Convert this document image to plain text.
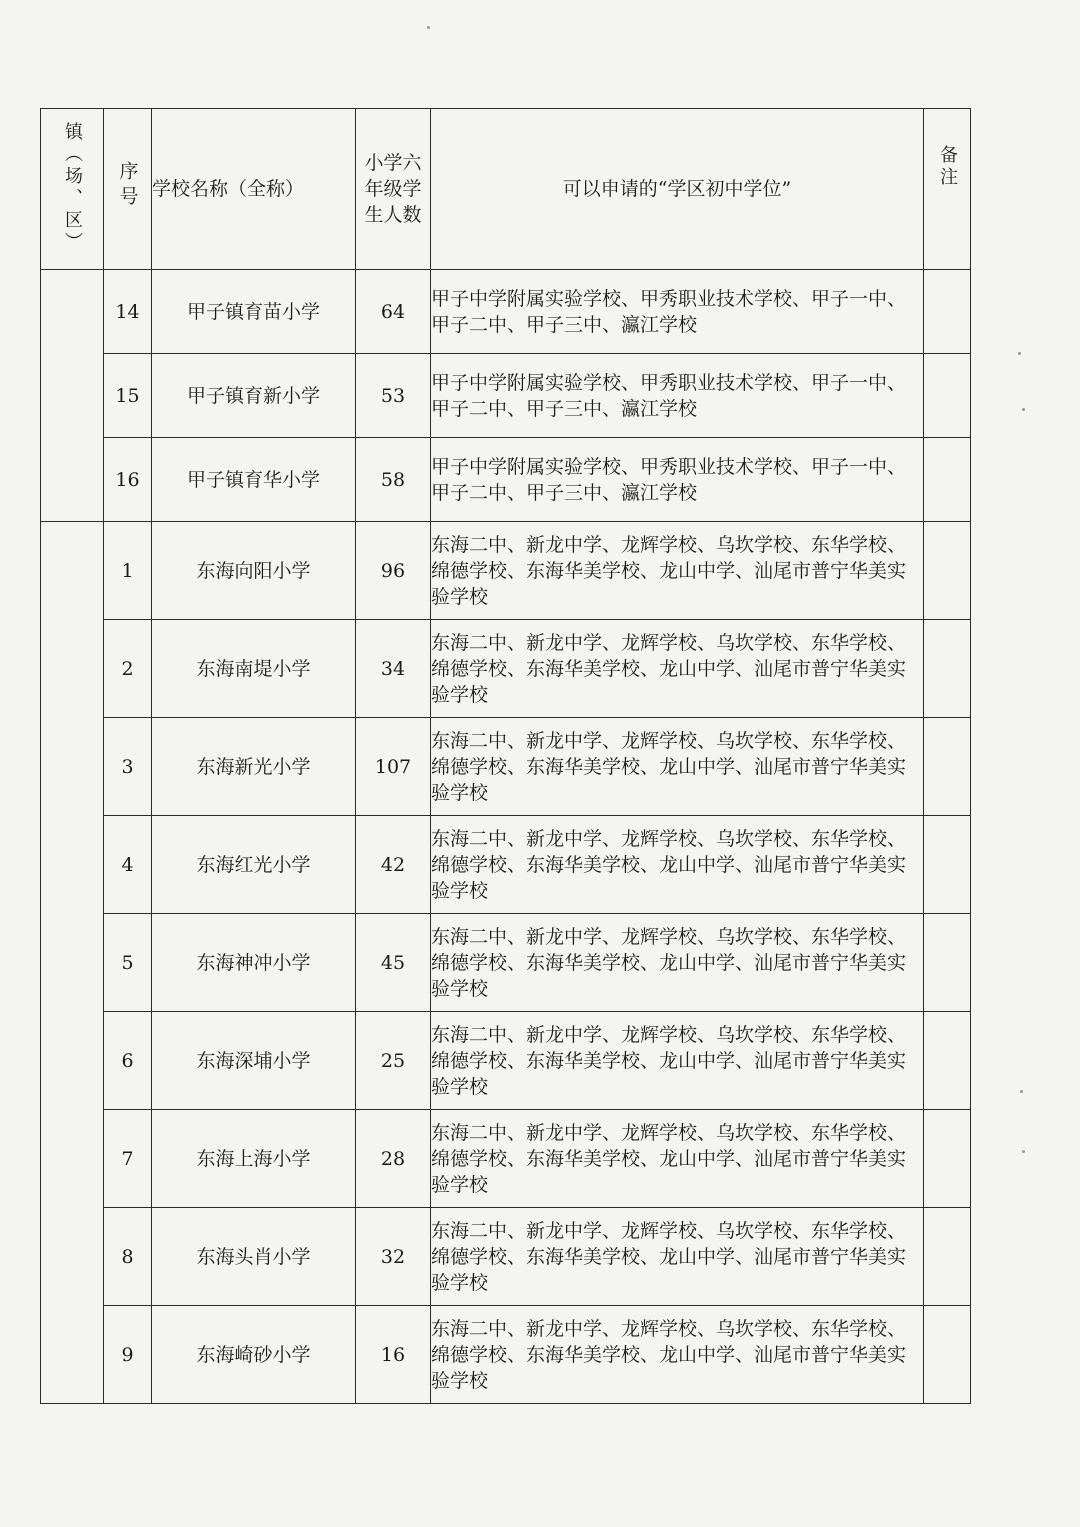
镇（场、区）	序号	学校名称（全称）	小学六年级学生人数	可以申请的“学区初中学位”	备注
	14	甲子镇育苗小学	64	甲子中学附属实验学校、甲秀职业技术学校、甲子一中、甲子二中、甲子三中、瀛江学校	
	15	甲子镇育新小学	53	甲子中学附属实验学校、甲秀职业技术学校、甲子一中、甲子二中、甲子三中、瀛江学校	
	16	甲子镇育华小学	58	甲子中学附属实验学校、甲秀职业技术学校、甲子一中、甲子二中、甲子三中、瀛江学校	
	1	东海向阳小学	96	东海二中、新龙中学、龙辉学校、乌坎学校、东华学校、绵德学校、东海华美学校、龙山中学、汕尾市普宁华美实验学校	
	2	东海南堤小学	34	东海二中、新龙中学、龙辉学校、乌坎学校、东华学校、绵德学校、东海华美学校、龙山中学、汕尾市普宁华美实验学校	
	3	东海新光小学	107	东海二中、新龙中学、龙辉学校、乌坎学校、东华学校、绵德学校、东海华美学校、龙山中学、汕尾市普宁华美实验学校	
	4	东海红光小学	42	东海二中、新龙中学、龙辉学校、乌坎学校、东华学校、绵德学校、东海华美学校、龙山中学、汕尾市普宁华美实验学校	
	5	东海神冲小学	45	东海二中、新龙中学、龙辉学校、乌坎学校、东华学校、绵德学校、东海华美学校、龙山中学、汕尾市普宁华美实验学校	
	6	东海深埔小学	25	东海二中、新龙中学、龙辉学校、乌坎学校、东华学校、绵德学校、东海华美学校、龙山中学、汕尾市普宁华美实验学校	
	7	东海上海小学	28	东海二中、新龙中学、龙辉学校、乌坎学校、东华学校、绵德学校、东海华美学校、龙山中学、汕尾市普宁华美实验学校	
	8	东海头肖小学	32	东海二中、新龙中学、龙辉学校、乌坎学校、东华学校、绵德学校、东海华美学校、龙山中学、汕尾市普宁华美实验学校	
	9	东海崎砂小学	16	东海二中、新龙中学、龙辉学校、乌坎学校、东华学校、绵德学校、东海华美学校、龙山中学、汕尾市普宁华美实验学校	
